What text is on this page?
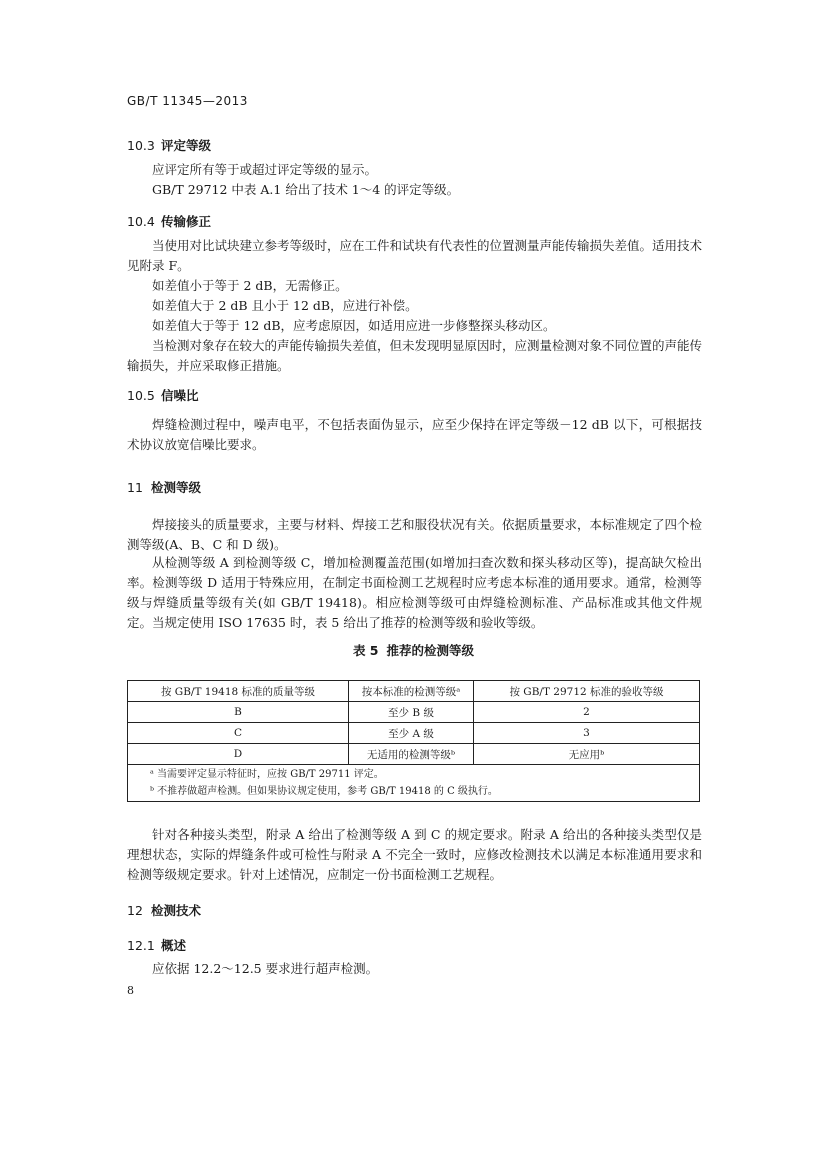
GB/T 11345—2013
10.3 评定等级
应评定所有等于或超过评定等级的显示。
GB/T 29712 中表 A.1 给出了技术 1～4 的评定等级。
10.4 传输修正
当使用对比试块建立参考等级时，应在工件和试块有代表性的位置测量声能传输损失差值。适用技术见附录 F。
如差值小于等于 2 dB，无需修正。
如差值大于 2 dB 且小于 12 dB，应进行补偿。
如差值大于等于 12 dB，应考虑原因，如适用应进一步修整探头移动区。
当检测对象存在较大的声能传输损失差值，但未发现明显原因时，应测量检测对象不同位置的声能传输损失，并应采取修正措施。
10.5 信噪比
焊缝检测过程中，噪声电平，不包括表面伪显示，应至少保持在评定等级－12 dB 以下，可根据技术协议放宽信噪比要求。
11 检测等级
焊接接头的质量要求，主要与材料、焊接工艺和服役状况有关。依据质量要求，本标准规定了四个检测等级(A、B、C 和 D 级)。
从检测等级 A 到检测等级 C，增加检测覆盖范围(如增加扫查次数和探头移动区等)，提高缺欠检出率。检测等级 D 适用于特殊应用，在制定书面检测工艺规程时应考虑本标准的通用要求。通常，检测等级与焊缝质量等级有关(如 GB/T 19418)。相应检测等级可由焊缝检测标准、产品标准或其他文件规定。 当规定使用 ISO 17635 时，表 5 给出了推荐的检测等级和验收等级。
表 5 推荐的检测等级
按 GB/T 19418 标准的质量等级	按本标准的检测等级ᵃ	按 GB/T 29712 标准的验收等级
B	至少 B 级	2
C	至少 A 级	3
D	无适用的检测等级ᵇ	无应用ᵇ

ᵃ 当需要评定显示特征时，应按 GB/T 29711 评定。
ᵇ 不推荐做超声检测。但如果协议规定使用，参考 GB/T 19418 的 C 级执行。		
针对各种接头类型，附录 A 给出了检测等级 A 到 C 的规定要求。附录 A 给出的各种接头类型仅是理想状态，实际的焊缝条件或可检性与附录 A 不完全一致时，应修改检测技术以满足本标准通用要求和检测等级规定要求。针对上述情况，应制定一份书面检测工艺规程。
12 检测技术
12.1 概述
应依据 12.2～12.5 要求进行超声检测。
8
